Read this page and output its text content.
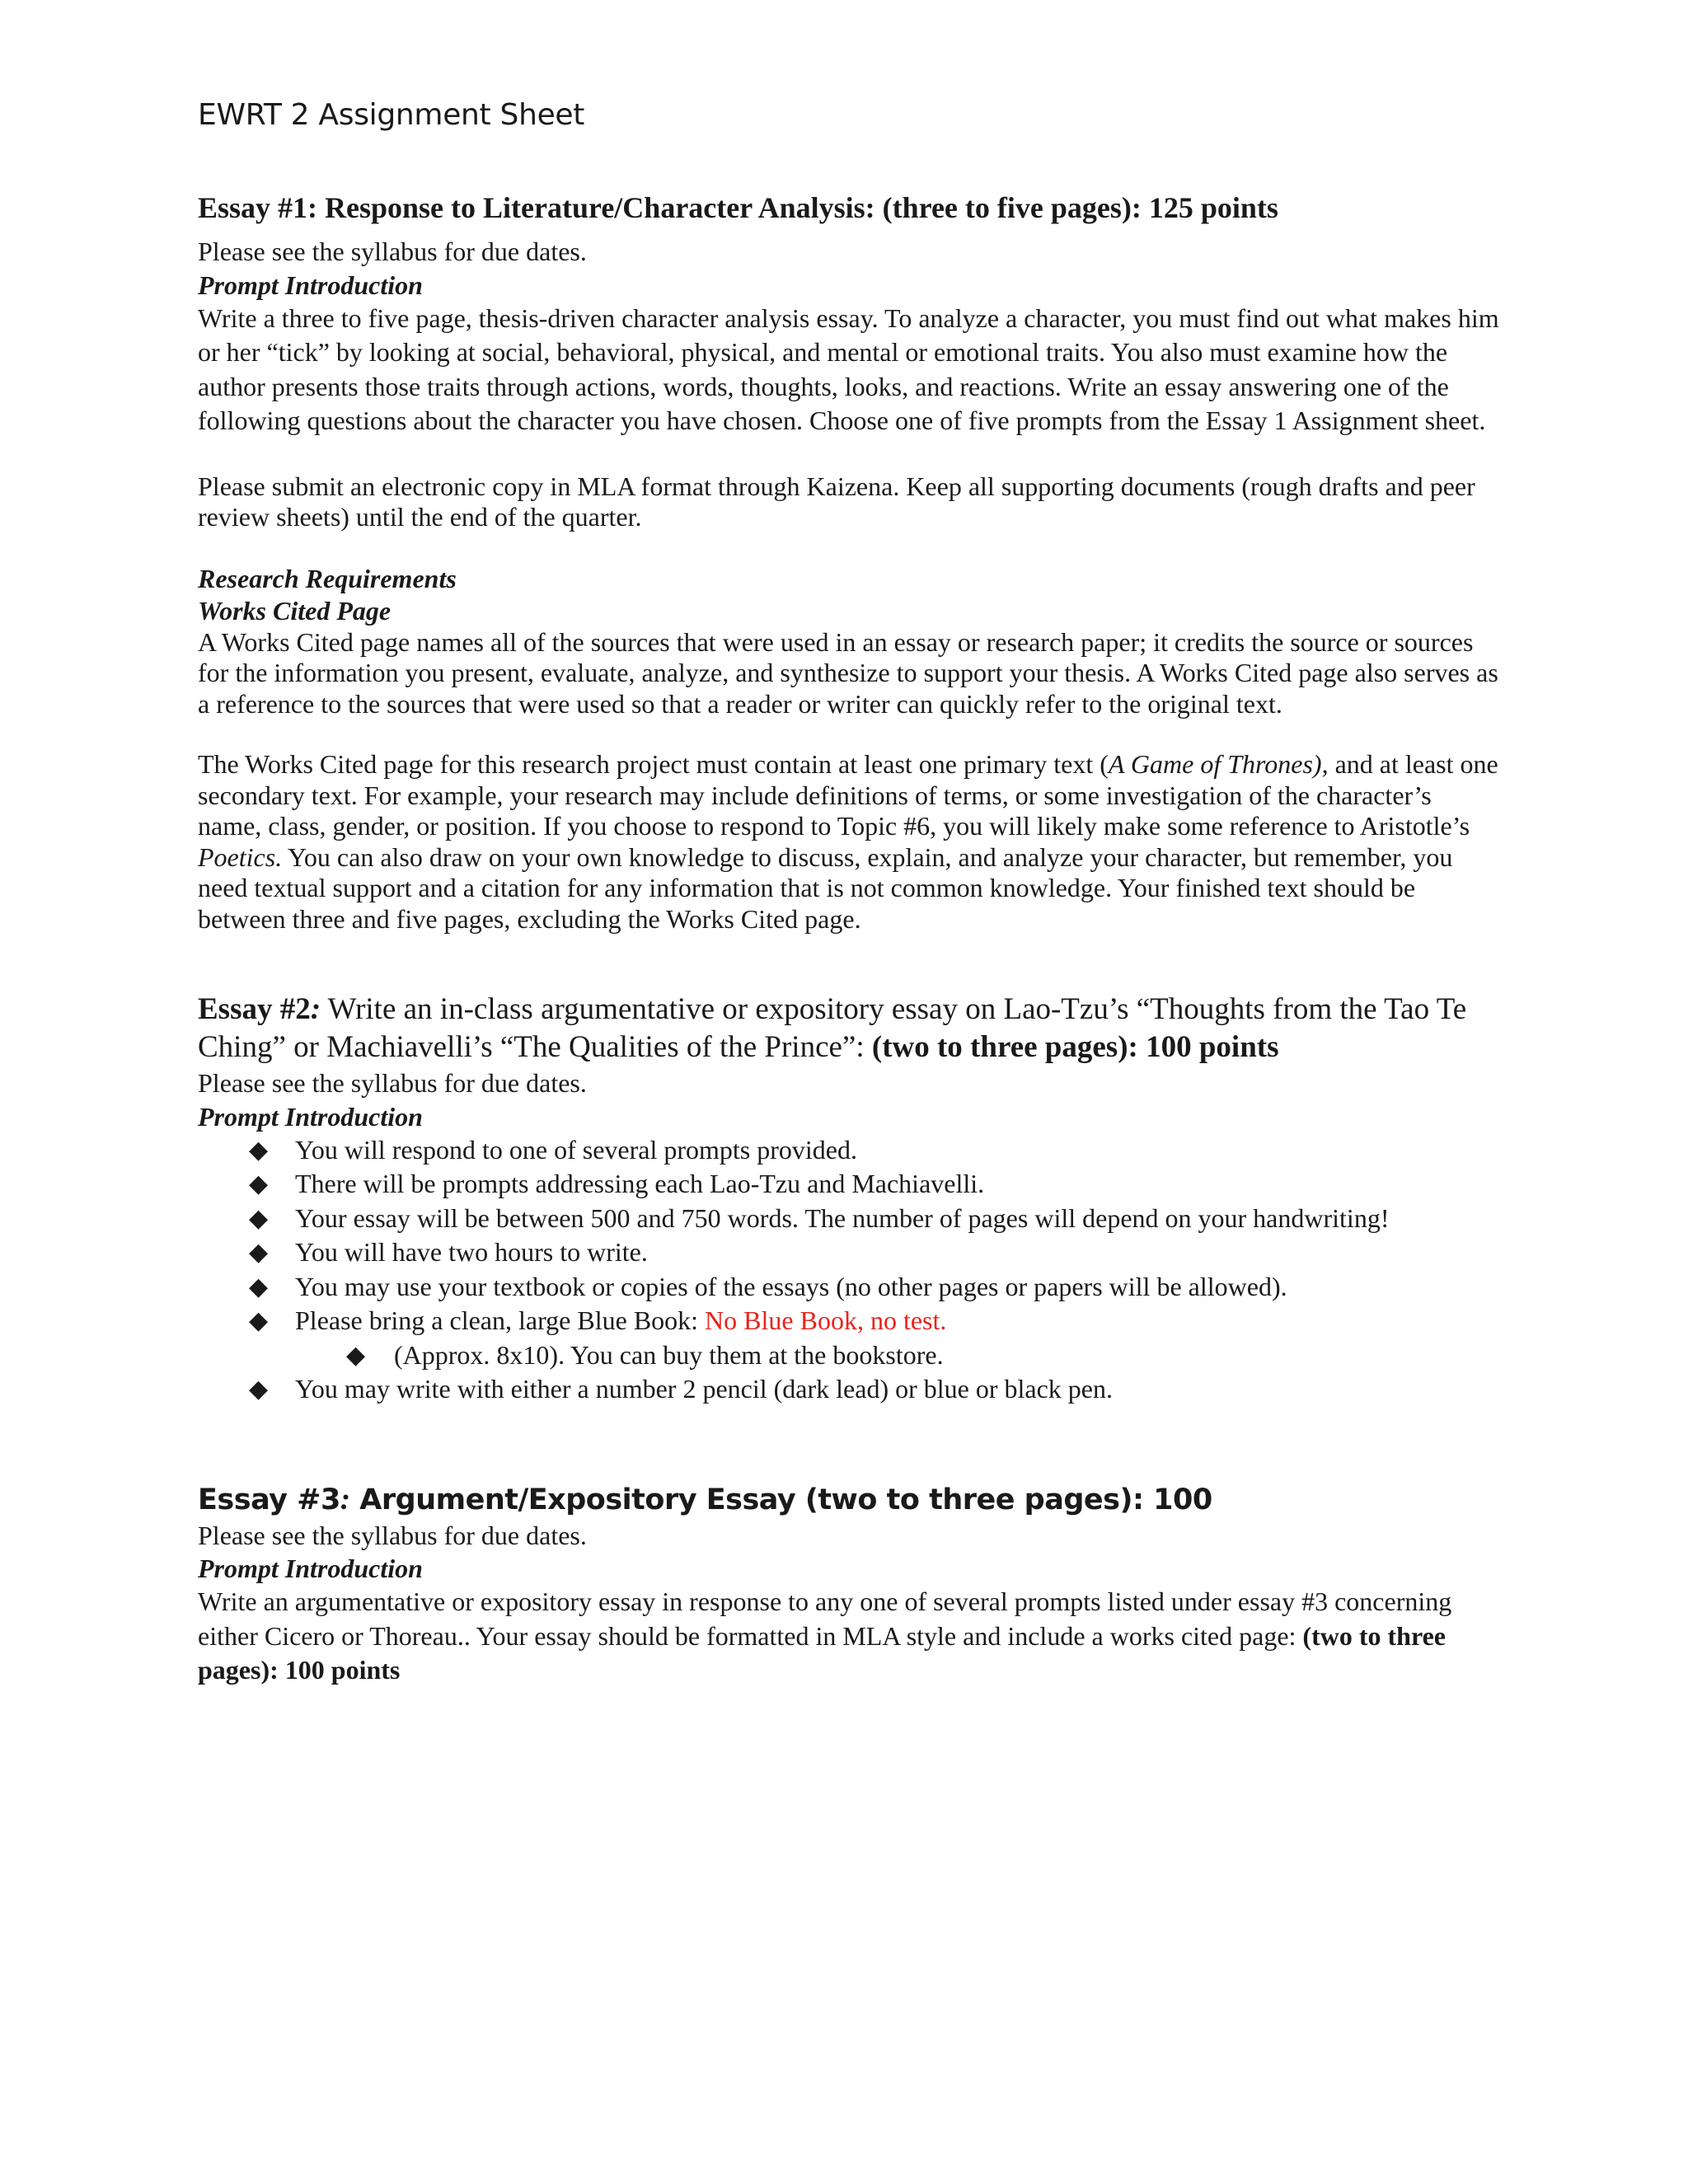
EWRT 2 Assignment Sheet
Essay #1: Response to Literature/Character Analysis: (three to five pages): 125 points

Please see the syllabus for due dates.

Prompt Introduction

Write a three to five page, thesis-driven character analysis essay. To analyze a character, you must find out what makes him or her “tick” by looking at social, behavioral, physical, and mental or emotional traits. You also must examine how the author presents those traits through actions, words, thoughts, looks, and reactions. Write an essay answering one of the following questions about the character you have chosen. Choose one of five prompts from the Essay 1 Assignment sheet.

Please submit an electronic copy in MLA format through Kaizena. Keep all supporting documents (rough drafts and peer review sheets) until the end of the quarter.

Research Requirements

Works Cited Page

A Works Cited page names all of the sources that were used in an essay or research paper; it credits the source or sources for the information you present, evaluate, analyze, and synthesize to support your thesis. A Works Cited page also serves as a reference to the sources that were used so that a reader or writer can quickly refer to the original text.

The Works Cited page for this research project must contain at least one primary text (A Game of Thrones), and at least one secondary text. For example, your research may include definitions of terms, or some investigation of the character’s name, class, gender, or position. If you choose to respond to Topic #6, you will likely make some reference to Aristotle’s Poetics. You can also draw on your own knowledge to discuss, explain, and analyze your character, but remember, you need textual support and a citation for any information that is not common knowledge. Your finished text should be between three and five pages, excluding the Works Cited page.

Essay #2: Write an in-class argumentative or expository essay on Lao-Tzu’s “Thoughts from the Tao Te Ching” or Machiavelli’s “The Qualities of the Prince”: (two to three pages): 100 points

Please see the syllabus for due dates.

Prompt Introduction

◆ You will respond to one of several prompts provided.
◆ There will be prompts addressing each Lao-Tzu and Machiavelli.
◆ Your essay will be between 500 and 750 words. The number of pages will depend on your handwriting!
◆ You will have two hours to write.
◆ You may use your textbook or copies of the essays (no other pages or papers will be allowed).
◆ Please bring a clean, large Blue Book: No Blue Book, no test.
◆ (Approx. 8x10). You can buy them at the bookstore.
◆ You may write with either a number 2 pencil (dark lead) or blue or black pen.
Essay #3: Argument/Expository Essay (two to three pages): 100

Please see the syllabus for due dates.

Prompt Introduction

Write an argumentative or expository essay in response to any one of several prompts listed under essay #3 concerning either Cicero or Thoreau.. Your essay should be formatted in MLA style and include a works cited page: (two to three pages): 100 points
